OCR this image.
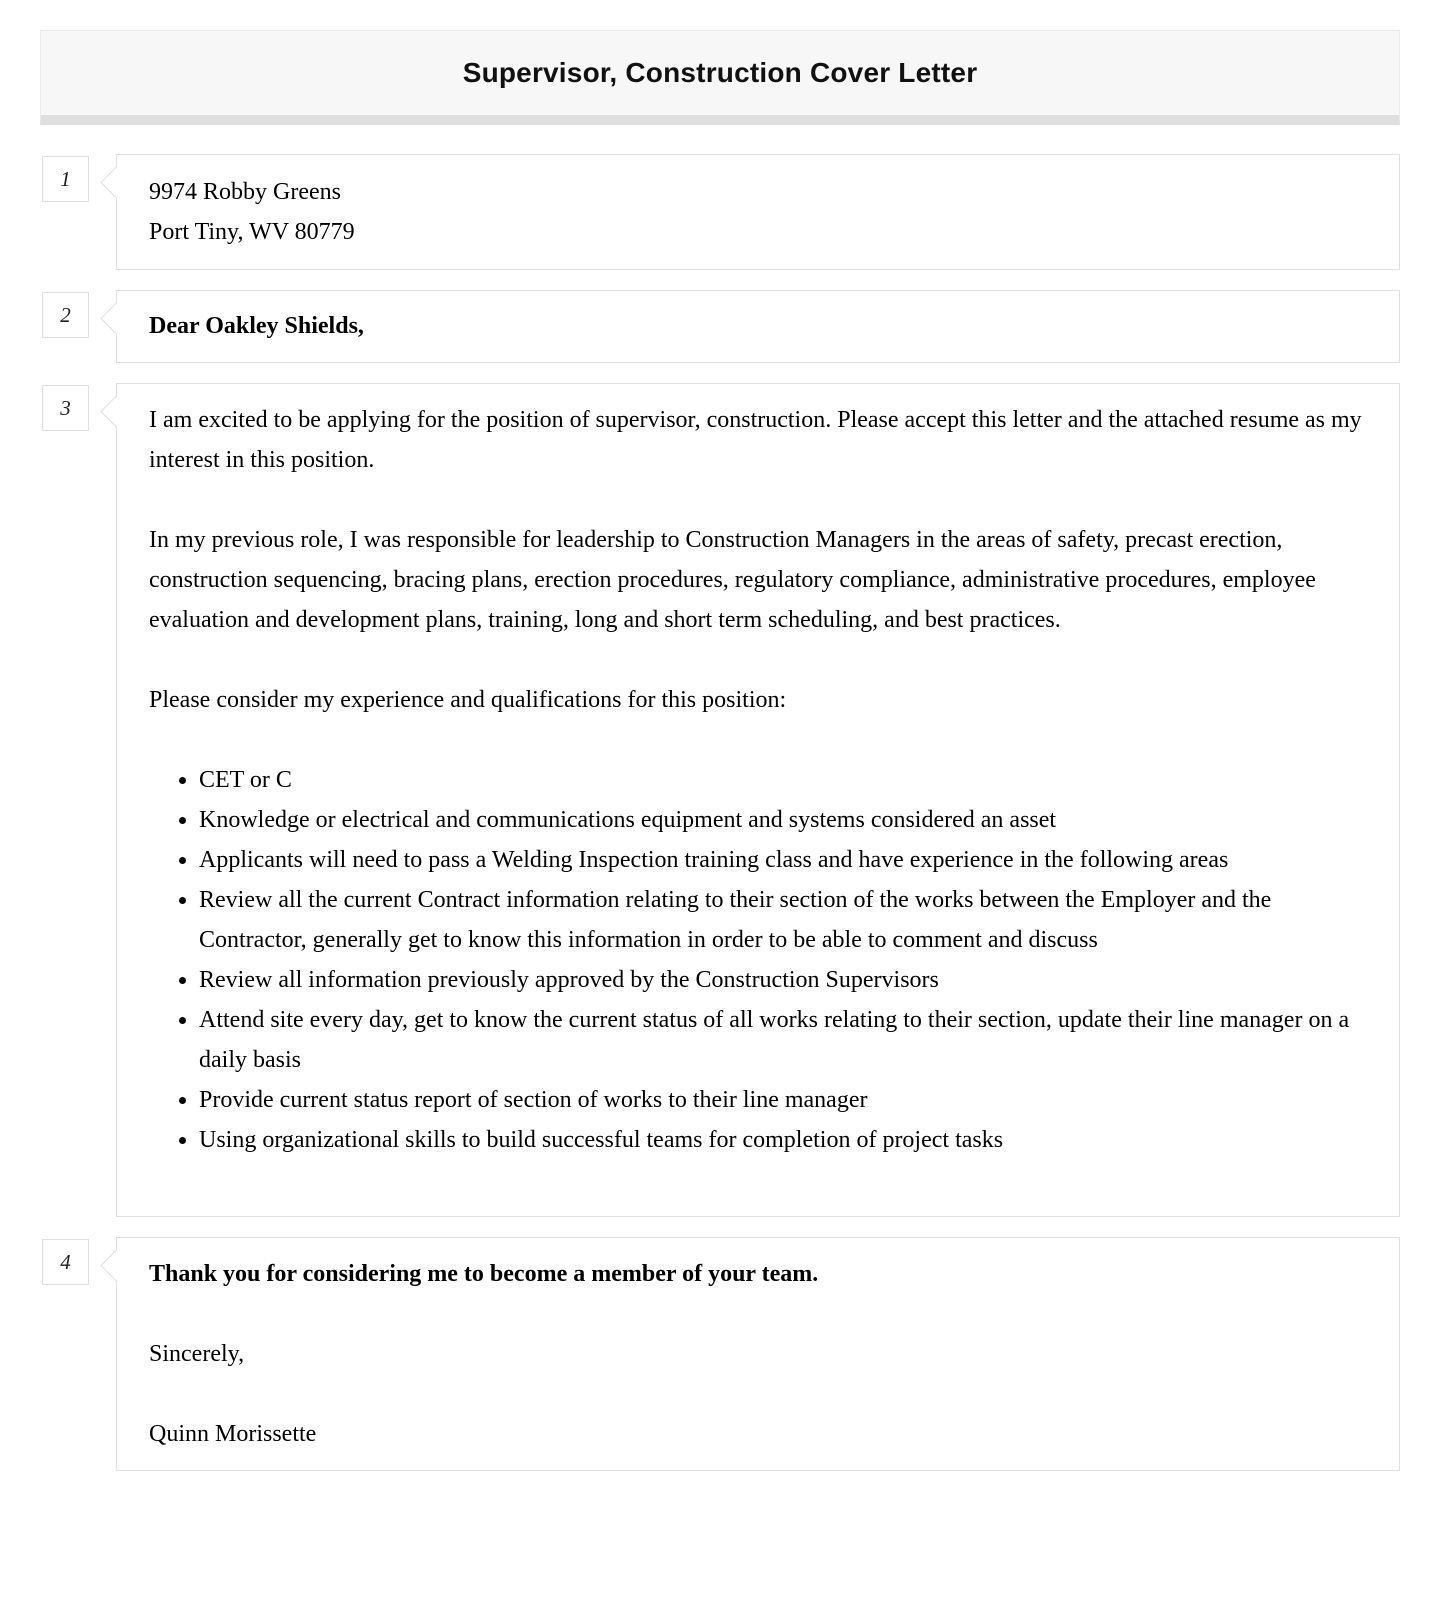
Supervisor, Construction Cover Letter
1
9974 Robby Greens
Port Tiny, WV 80779
2	Dear Oakley Shields,
3	I am excited to be applying for the position of supervisor, construction. Please accept this letter and the attached resume as my interest in this position.

In my previous role, I was responsible for leadership to Construction Managers in the areas of safety, precast erection, construction sequencing, bracing plans, erection procedures, regulatory compliance, administrative procedures, employee evaluation and development plans, training, long and short term scheduling, and best practices.

Please consider my experience and qualifications for this position:

• CET or C
• Knowledge or electrical and communications equipment and systems considered an asset
• Applicants will need to pass a Welding Inspection training class and have experience in the following areas
• Review all the current Contract information relating to their section of the works between the Employer and the Contractor, generally get to know this information in order to be able to comment and discuss
• Review all information previously approved by the Construction Supervisors
• Attend site every day, get to know the current status of all works relating to their section, update their line manager on a daily basis
• Provide current status report of section of works to their line manager
• Using organizational skills to build successful teams for completion of project tasks
4	Thank you for considering me to become a member of your team.

Sincerely,

Quinn Morissette
